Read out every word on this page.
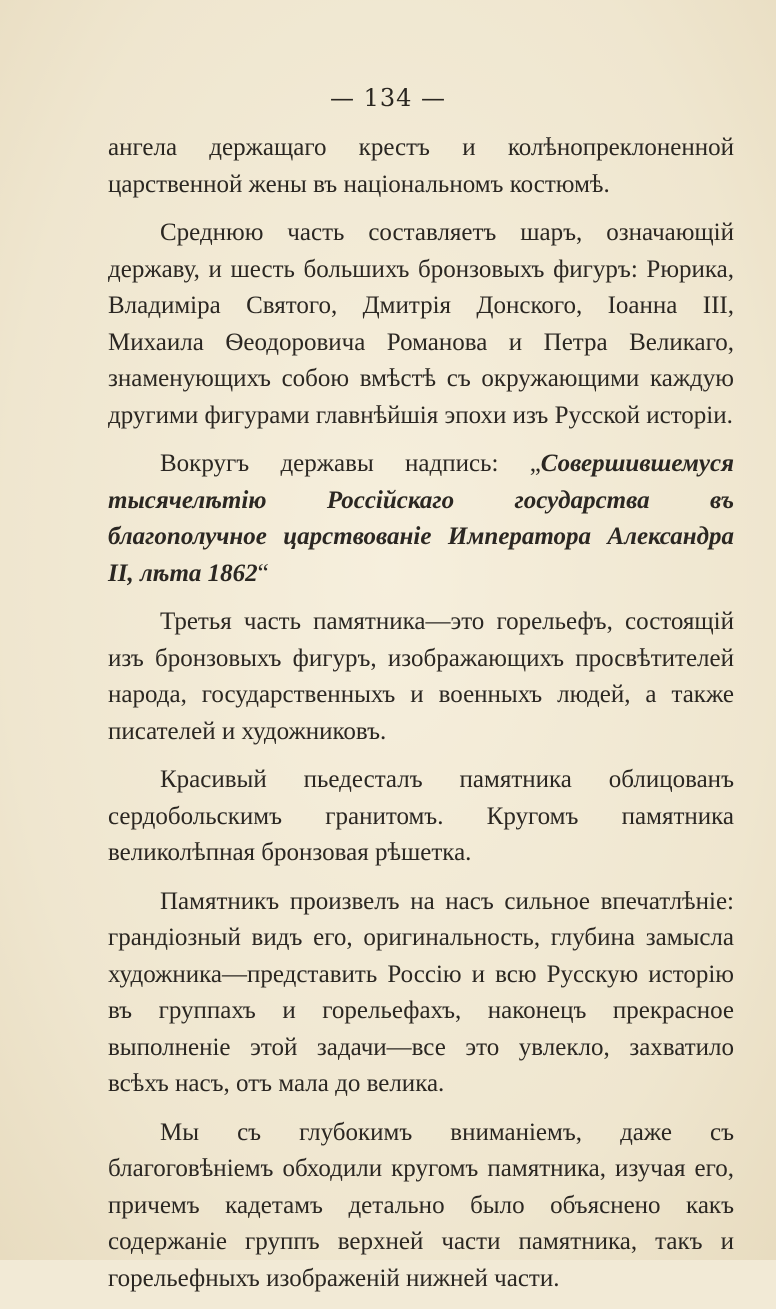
— 134 —

ангела держащаго крестъ и колѣнопреклоненной царственной жены въ національномъ костюмѣ.

Среднюю часть составляетъ шаръ, означающій державу, и шесть большихъ бронзовыхъ фигуръ: Рюрика, Владиміра Святого, Дмитрія Донского, Іоанна III, Михаила Ѳеодоровича Романова и Петра Великаго, знаменующихъ собою вмѣстѣ съ окружающими каждую другими фигурами главнѣйшія эпохи изъ Русской исторіи.

Вокругъ державы надпись: „Совершившемуся тысячелѣтію Россійскаго государства въ благополучное царствованіе Императора Александра II, лѣта 1862“

Третья часть памятника—это горельефъ, состоящій изъ бронзовыхъ фигуръ, изображающихъ просвѣтителей народа, государственныхъ и военныхъ людей, а также писателей и художниковъ.

Красивый пьедесталъ памятника облицованъ сердобольскимъ гранитомъ. Кругомъ памятника великолѣпная бронзовая рѣшетка.

Памятникъ произвелъ на насъ сильное впечатлѣніе: грандіозный видъ его, оригинальность, глубина замысла художника—представить Россію и всю Русскую исторію въ группахъ и горельефахъ, наконецъ прекрасное выполненіе этой задачи—все это увлекло, захватило всѣхъ насъ, отъ мала до велика.

Мы съ глубокимъ вниманіемъ, даже съ благоговѣніемъ обходили кругомъ памятника, изучая его, причемъ кадетамъ детально было объяснено какъ содержаніе группъ верхней части памятника, такъ и горельефныхъ изображеній нижней части.
